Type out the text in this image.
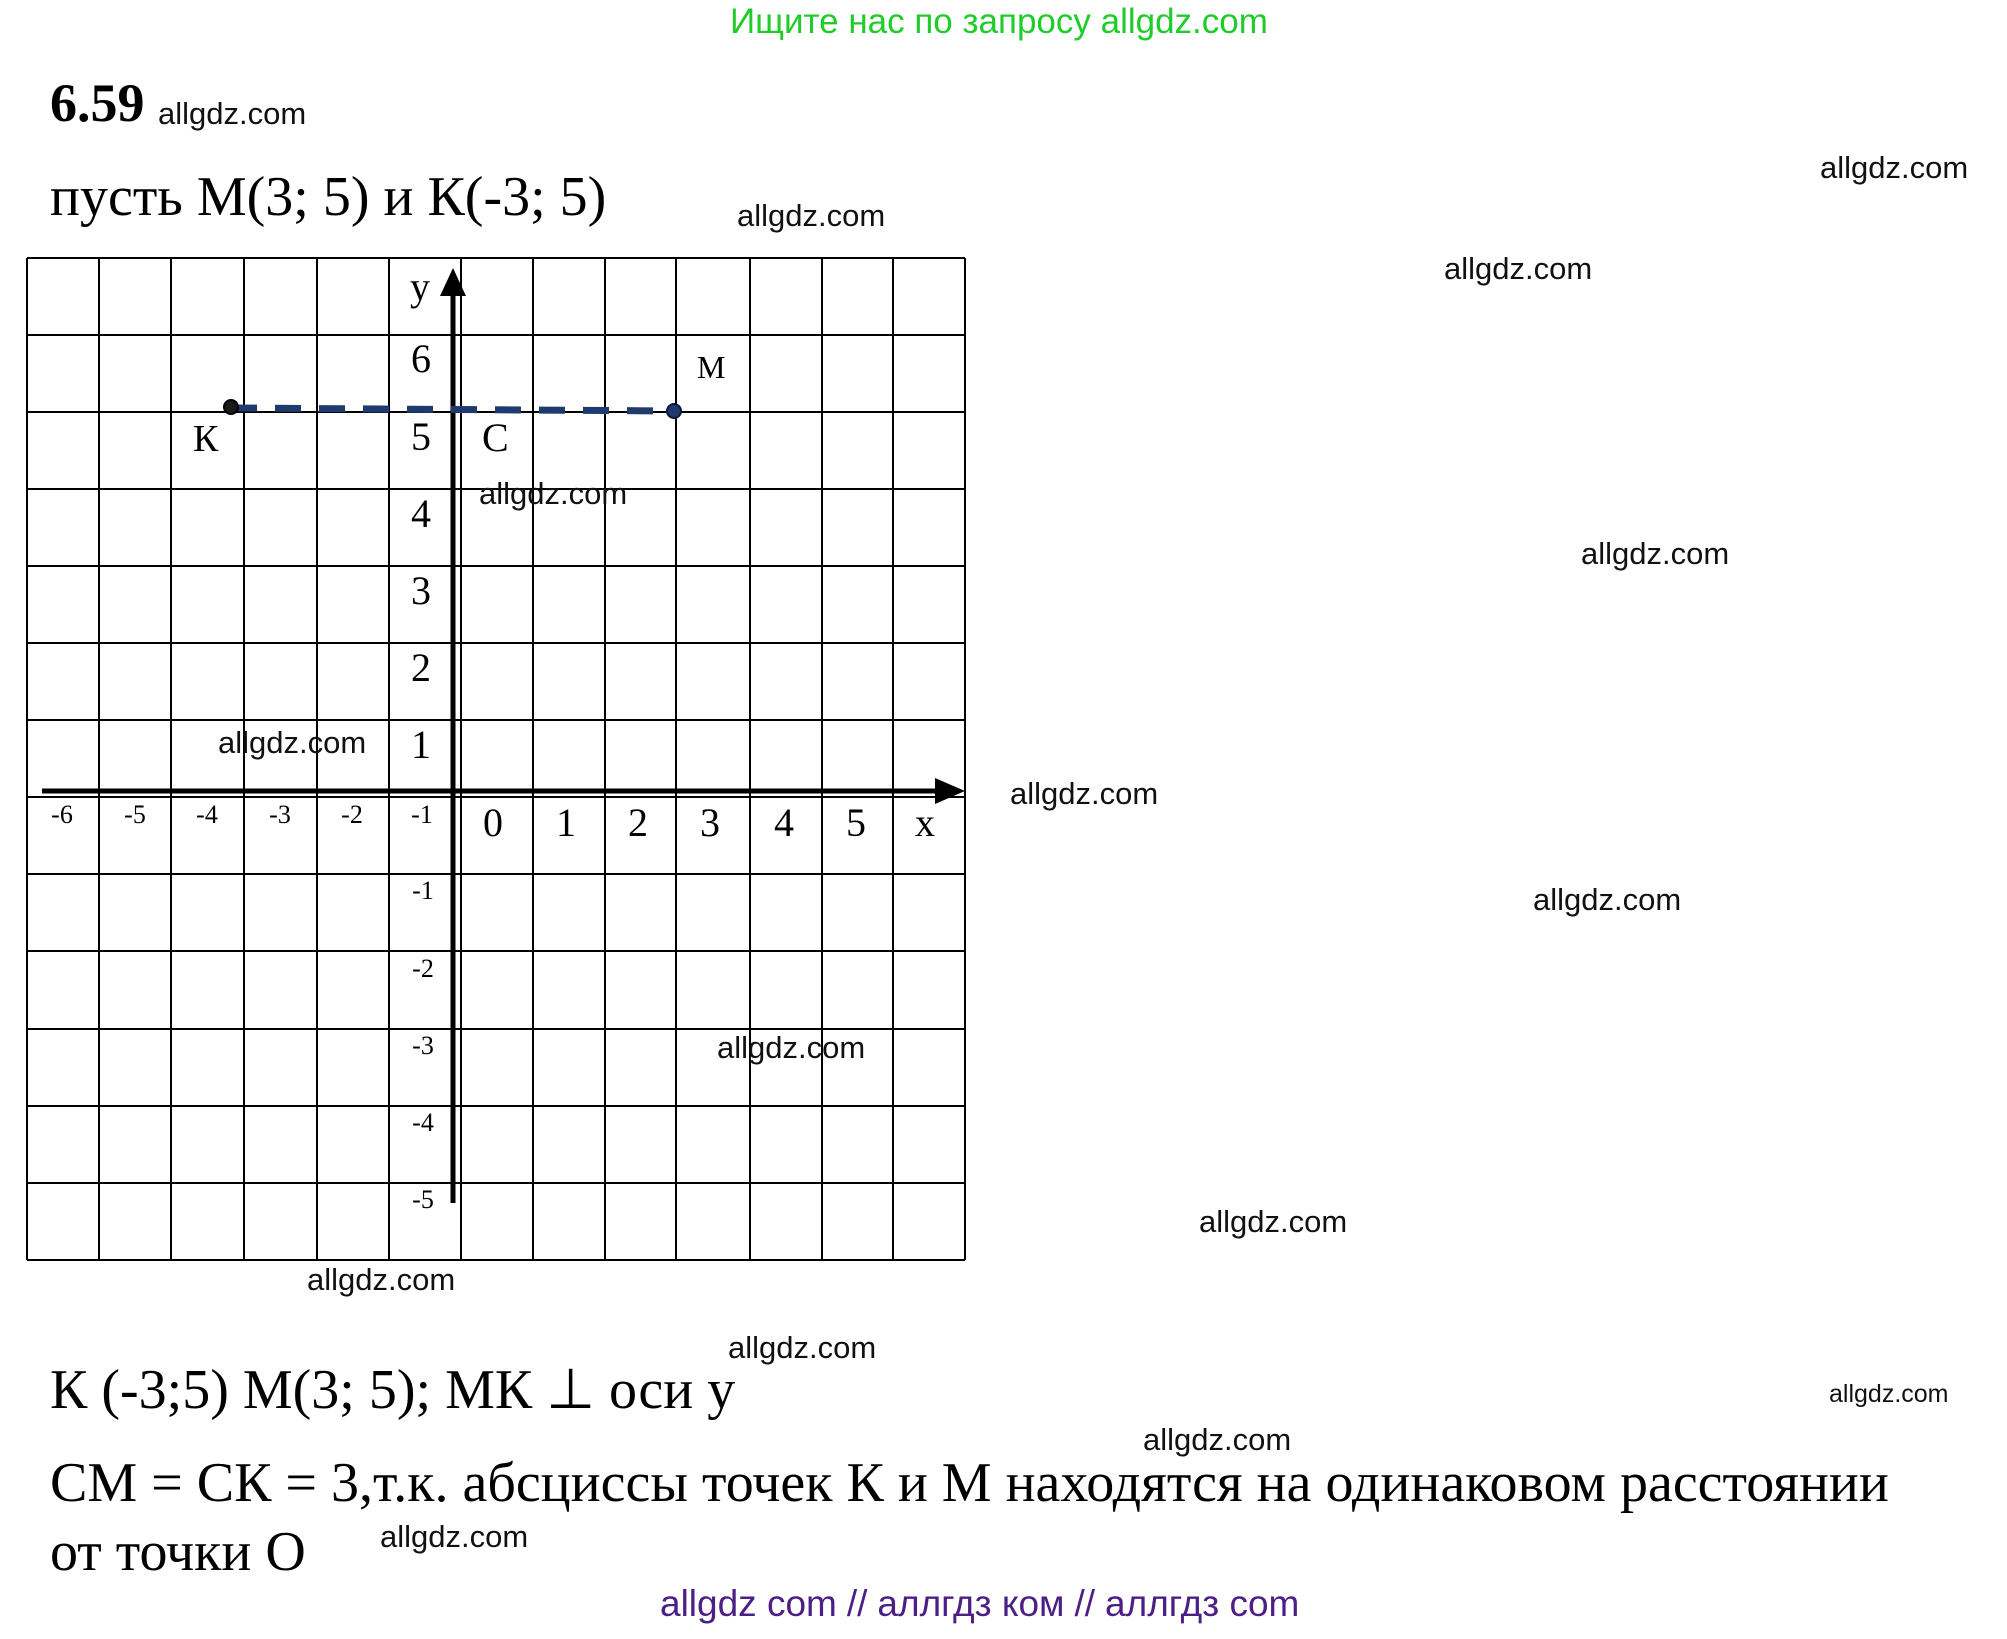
Ищите нас по запросу allgdz.com
6.59
пусть М(3; 5) и К(-3; 5)
y
x
-6 -5 -4 -3 -2 -1 0 1 2 3 4 5
6
5
4
3
2
1
-1
-2
-3
-4
-5
К
М
С
К (-3;5) М(3; 5); МК ⊥ оси у
СМ = СК = 3,т.к. абсциссы точек К и М находятся на одинаковом расстоянии
от точки О
allgdz.com
allgdz.com
allgdz.com
allgdz.com
allgdz.com
allgdz.com
allgdz.com
allgdz.com
allgdz.com
allgdz.com
allgdz.com
allgdz.com
allgdz.com
allgdz.com
allgdz.com
allgdz.com
allgdz com // аллгдз ком // аллгдз com
